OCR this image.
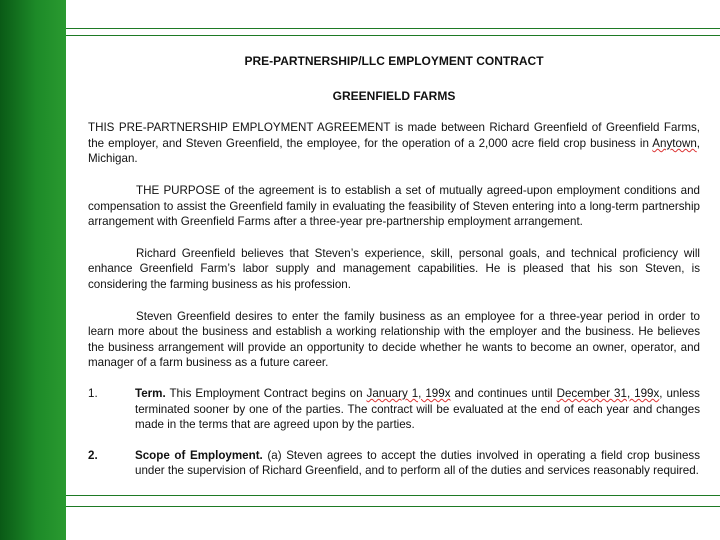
PRE-PARTNERSHIP/LLC EMPLOYMENT CONTRACT
GREENFIELD FARMS

THIS PRE-PARTNERSHIP EMPLOYMENT AGREEMENT is made between Richard Greenfield of Greenfield Farms, the employer, and Steven Greenfield, the employee, for the operation of a 2,000 acre field crop business in Anytown, Michigan.

THE PURPOSE of the agreement is to establish a set of mutually agreed-upon employment conditions and compensation to assist the Greenfield family in evaluating the feasibility of Steven entering into a long-term partnership arrangement with Greenfield Farms after a three-year pre-partnership employment arrangement.

Richard Greenfield believes that Steven’s experience, skill, personal goals, and technical proficiency will enhance Greenfield Farm’s labor supply and management capabilities. He is pleased that his son Steven, is considering the farming business as his profession.

Steven Greenfield desires to enter the family business as an employee for a three-year period in order to learn more about the business and establish a working relationship with the employer and the business. He believes the business arrangement will provide an opportunity to decide whether he wants to become an owner, operator, and manager of a farm business as a future career.

1.	Term. This Employment Contract begins on January 1, 199x and continues until December 31, 199x, unless terminated sooner by one of the parties. The contract will be evaluated at the end of each year and changes made in the terms that are agreed upon by the parties.
2.	Scope of Employment. (a) Steven agrees to accept the duties involved in operating a field crop business under the supervision of Richard Greenfield, and to perform all of the duties and services reasonably required.
